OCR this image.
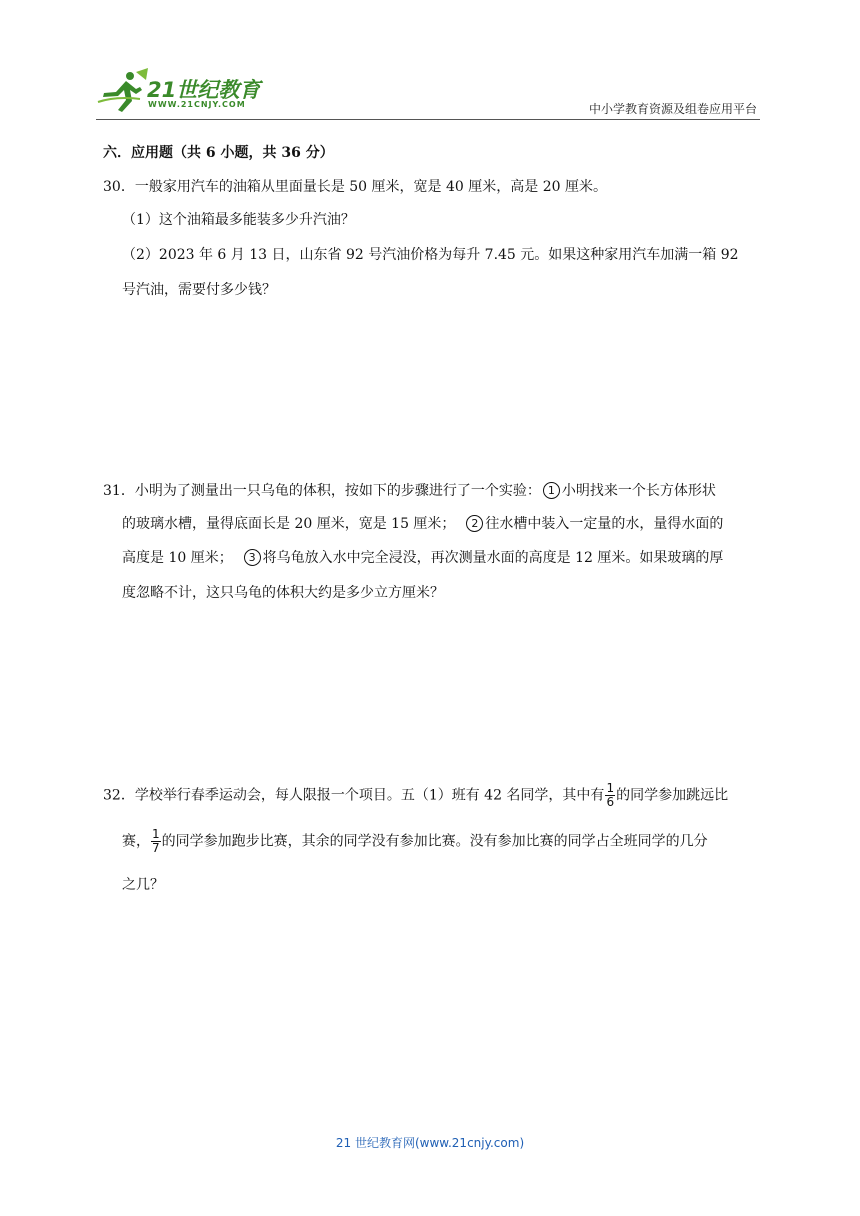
21世纪教育
WWW.21CNJY.COM	中小学教育资源及组卷应用平台
六．应用题（共 6 小题，共 36 分）
30．一般家用汽车的油箱从里面量长是 50 厘米，宽是 40 厘米，高是 20 厘米。
（1）这个油箱最多能装多少升汽油？
（2）2023 年 6 月 13 日，山东省 92 号汽油价格为每升 7.45 元。如果这种家用汽车加满一箱 92
号汽油，需要付多少钱？
31．小明为了测量出一只乌龟的体积，按如下的步骤进行了一个实验： 1 小明找来一个长方体形状
的玻璃水槽，量得底面长是 20 厘米，宽是 15 厘米； 2 往水槽中装入一定量的水，量得水面的
高度是 10 厘米； 3 将乌龟放入水中完全浸没，再次测量水面的高度是 12 厘米。如果玻璃的厚
度忽略不计，这只乌龟的体积大约是多少立方厘米？
32．学校举行春季运动会，每人限报一个项目。五（1）班有 42 名同学，其中有 $\frac{1}{6}$ 的同学参加跳远比
赛， $\frac{1}{7}$ 的同学参加跑步比赛，其余的同学没有参加比赛。没有参加比赛的同学占全班同学的几分
之几？
21 世纪教育网(www.21cnjy.com)
